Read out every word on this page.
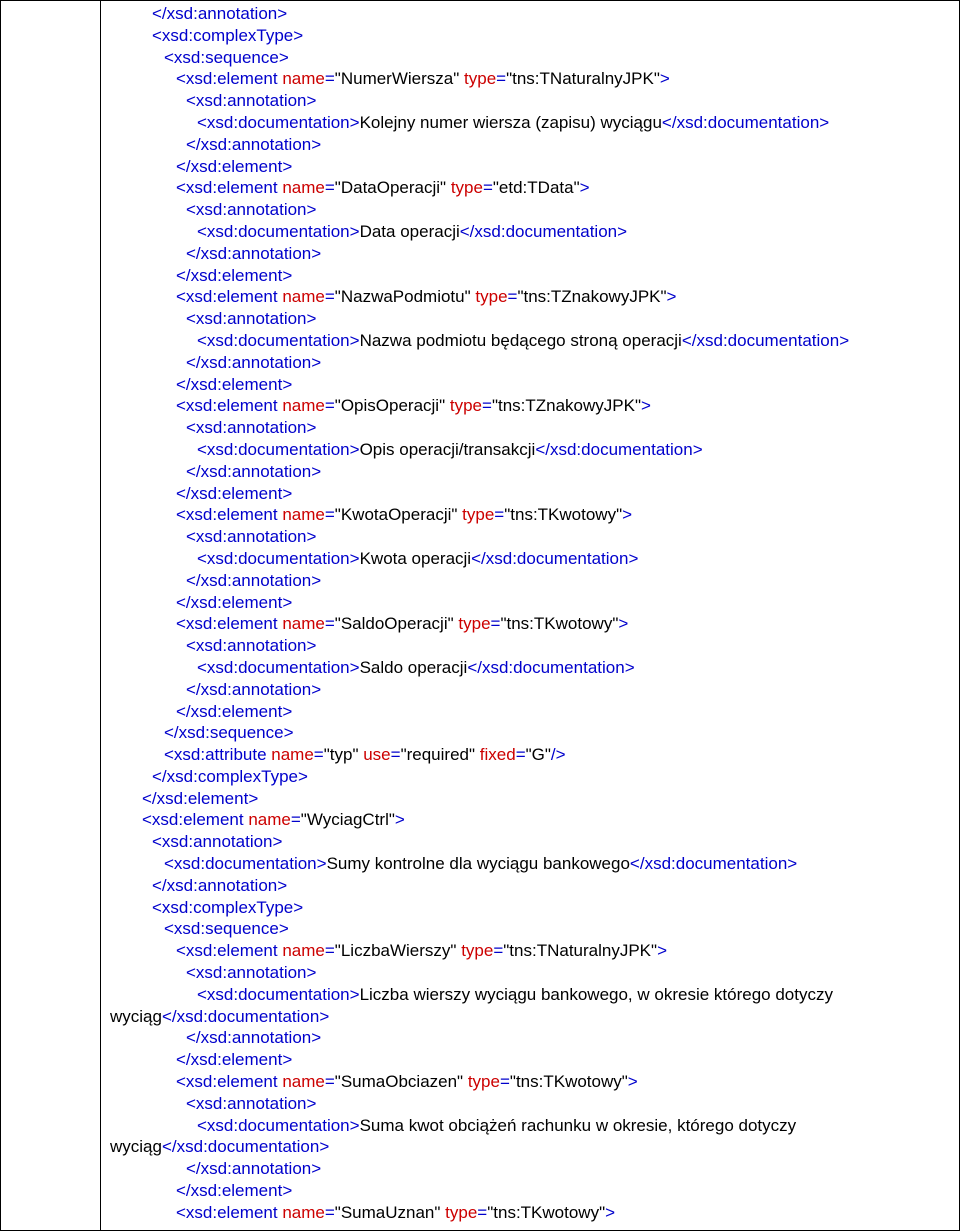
</xsd:annotation>
<xsd:complexType>
<xsd:sequence>
<xsd:element name="NumerWiersza" type="tns:TNaturalnyJPK">
<xsd:annotation>
<xsd:documentation>Kolejny numer wiersza (zapisu) wyciągu</xsd:documentation>
</xsd:annotation>
</xsd:element>
<xsd:element name="DataOperacji" type="etd:TData">
<xsd:annotation>
<xsd:documentation>Data operacji</xsd:documentation>
</xsd:annotation>
</xsd:element>
<xsd:element name="NazwaPodmiotu" type="tns:TZnakowyJPK">
<xsd:annotation>
<xsd:documentation>Nazwa podmiotu będącego stroną operacji</xsd:documentation>
</xsd:annotation>
</xsd:element>
<xsd:element name="OpisOperacji" type="tns:TZnakowyJPK">
<xsd:annotation>
<xsd:documentation>Opis operacji/transakcji</xsd:documentation>
</xsd:annotation>
</xsd:element>
<xsd:element name="KwotaOperacji" type="tns:TKwotowy">
<xsd:annotation>
<xsd:documentation>Kwota operacji</xsd:documentation>
</xsd:annotation>
</xsd:element>
<xsd:element name="SaldoOperacji" type="tns:TKwotowy">
<xsd:annotation>
<xsd:documentation>Saldo operacji</xsd:documentation>
</xsd:annotation>
</xsd:element>
</xsd:sequence>
<xsd:attribute name="typ" use="required" fixed="G"/>
</xsd:complexType>
</xsd:element>
<xsd:element name="WyciagCtrl">
<xsd:annotation>
<xsd:documentation>Sumy kontrolne dla wyciągu bankowego</xsd:documentation>
</xsd:annotation>
<xsd:complexType>
<xsd:sequence>
<xsd:element name="LiczbaWierszy" type="tns:TNaturalnyJPK">
<xsd:annotation>
<xsd:documentation>Liczba wierszy wyciągu bankowego, w okresie którego dotyczy
wyciąg</xsd:documentation>
</xsd:annotation>
</xsd:element>
<xsd:element name="SumaObciazen" type="tns:TKwotowy">
<xsd:annotation>
<xsd:documentation>Suma kwot obciążeń rachunku w okresie, którego dotyczy
wyciąg</xsd:documentation>
</xsd:annotation>
</xsd:element>
<xsd:element name="SumaUznan" type="tns:TKwotowy">
